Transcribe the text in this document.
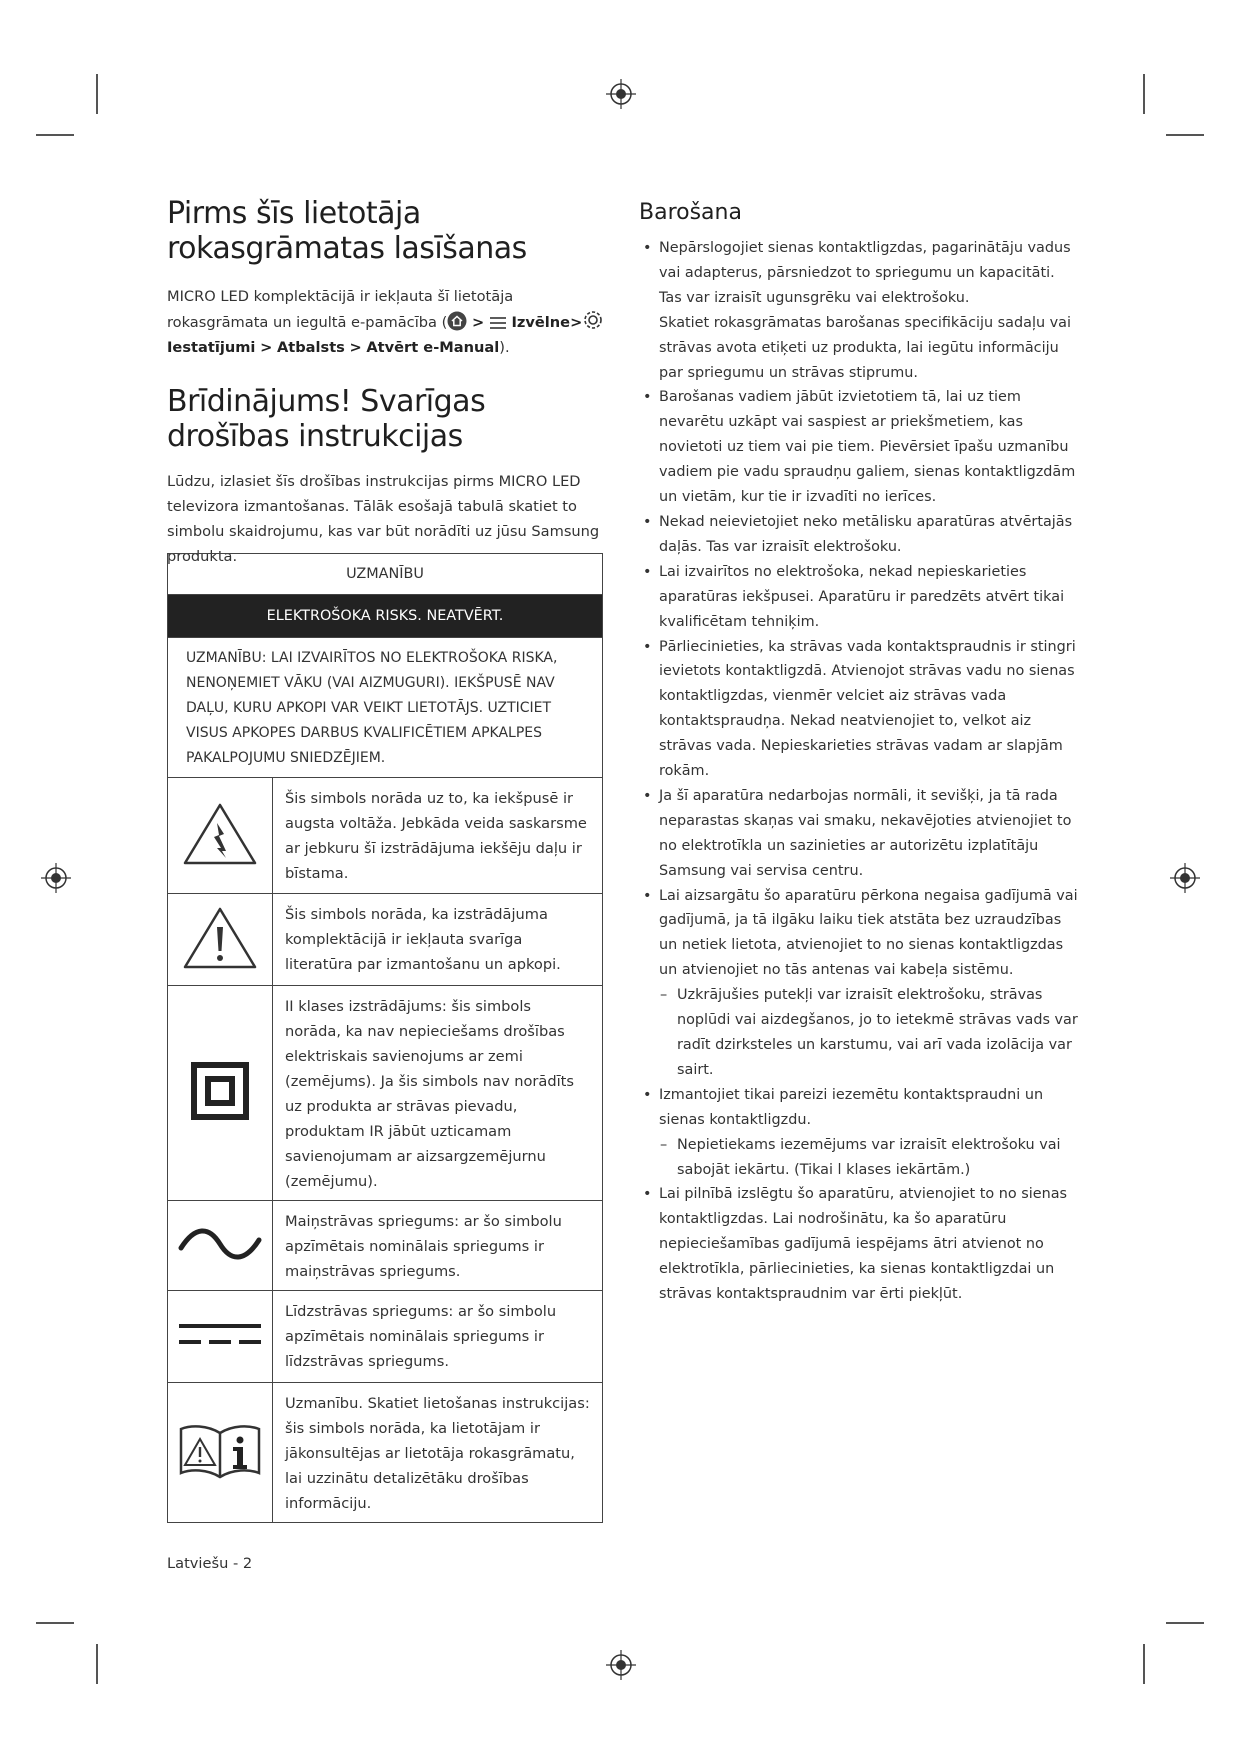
Pirms šīs lietotāja rokasgrāmatas lasīšanas

MICRO LED komplektācijā ir iekļauta šī lietotāja rokasgrāmata un iegultā e-pamācība ( > Izvēlne>Iestatījumi > Atbalsts > Atvērt e-Manual).

Brīdinājums! Svarīgas drošības instrukcijas

Lūdzu, izlasiet šīs drošības instrukcijas pirms MICRO LED televizora izmantošanas. Tālāk esošajā tabulā skatiet to simbolu skaidrojumu, kas var būt norādīti uz jūsu Samsung produkta.

UZMANĪBU	
ELEKTROŠOKA RISKS. NEATVĒRT.	
UZMANĪBU: LAI IZVAIRĪTOS NO ELEKTROŠOKA RISKA, NENOŅEMIET VĀKU (VAI AIZMUGURI). IEKŠPUSĒ NAV DAĻU, KURU APKOPI VAR VEIKT LIETOTĀJS. UZTICIET VISUS APKOPES DARBUS KVALIFICĒTIEM APKALPES PAKALPOJUMU SNIEDZĒJIEM.	
	Šis simbols norāda uz to, ka iekšpusē ir augsta voltāža. Jebkāda veida saskarsme ar jebkuru šī izstrādājuma iekšēju daļu ir bīstama.
	Šis simbols norāda, ka izstrādājuma komplektācijā ir iekļauta svarīga literatūra par izmantošanu un apkopi.
	II klases izstrādājums: šis simbols norāda, ka nav nepieciešams drošības elektriskais savienojums ar zemi (zemējums). Ja šis simbols nav norādīts uz produkta ar strāvas pievadu, produktam IR jābūt uzticamam savienojumam ar aizsargzemējurnu (zemējumu).
	Maiņstrāvas spriegums: ar šo simbolu apzīmētais nominālais spriegums ir maiņstrāvas spriegums.
	Līdzstrāvas spriegums: ar šo simbolu apzīmētais nominālais spriegums ir līdzstrāvas spriegums.
	Uzmanību. Skatiet lietošanas instrukcijas: šis simbols norāda, ka lietotājam ir jākonsultējas ar lietotāja rokasgrāmatu, lai uzzinātu detalizētāku drošības informāciju.
Barošana
• Nepārslogojiet sienas kontaktligzdas, pagarinātāju vadus vai adapterus, pārsniedzot to spriegumu un kapacitāti. Tas var izraisīt ugunsgrēku vai elektrošoku.
Skatiet rokasgrāmatas barošanas specifikāciju sadaļu vai strāvas avota etiķeti uz produkta, lai iegūtu informāciju par spriegumu un strāvas stiprumu.
• Barošanas vadiem jābūt izvietotiem tā, lai uz tiem nevarētu uzkāpt vai saspiest ar priekšmetiem, kas novietoti uz tiem vai pie tiem. Pievērsiet īpašu uzmanību vadiem pie vadu spraudņu galiem, sienas kontaktligzdām un vietām, kur tie ir izvadīti no ierīces.
• Nekad neievietojiet neko metālisku aparatūras atvērtajās daļās. Tas var izraisīt elektrošoku.
• Lai izvairītos no elektrošoka, nekad nepieskarieties aparatūras iekšpusei. Aparatūru ir paredzēts atvērt tikai kvalificētam tehniķim.
• Pārliecinieties, ka strāvas vada kontaktspraudnis ir stingri ievietots kontaktligzdā. Atvienojot strāvas vadu no sienas kontaktligzdas, vienmēr velciet aiz strāvas vada kontaktspraudņa. Nekad neatvienojiet to, velkot aiz strāvas vada. Nepieskarieties strāvas vadam ar slapjām rokām.
• Ja šī aparatūra nedarbojas normāli, it sevišķi, ja tā rada neparastas skaņas vai smaku, nekavējoties atvienojiet to no elektrotīkla un sazinieties ar autorizētu izplatītāju Samsung vai servisa centru.
• Lai aizsargātu šo aparatūru pērkona negaisa gadījumā vai gadījumā, ja tā ilgāku laiku tiek atstāta bez uzraudzības un netiek lietota, atvienojiet to no sienas kontaktligzdas un atvienojiet no tās antenas vai kabeļa sistēmu.
– Uzkrājušies putekļi var izraisīt elektrošoku, strāvas noplūdi vai aizdegšanos, jo to ietekmē strāvas vads var radīt dzirksteles un karstumu, vai arī vada izolācija var sairt.
• Izmantojiet tikai pareizi iezemētu kontaktspraudni un sienas kontaktligzdu.
– Nepietiekams iezemējums var izraisīt elektrošoku vai sabojāt iekārtu. (Tikai l klases iekārtām.)
• Lai pilnībā izslēgtu šo aparatūru, atvienojiet to no sienas kontaktligzdas. Lai nodrošinātu, ka šo aparatūru nepieciešamības gadījumā iespējams ātri atvienot no elektrotīkla, pārliecinieties, ka sienas kontaktligzdai un strāvas kontaktspraudnim var ērti piekļūt.
Latviešu - 2
